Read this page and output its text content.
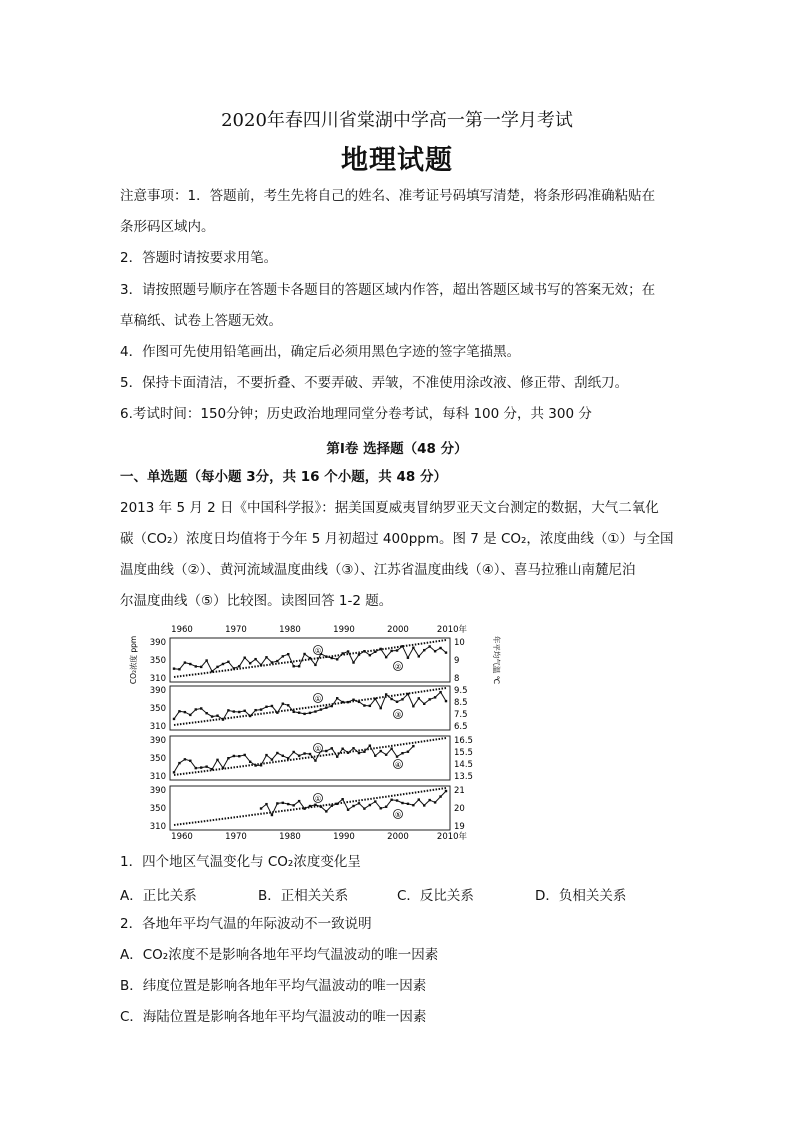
2020年春四川省棠湖中学高一第一学月考试
地理试题
注意事项：1．答题前，考生先将自己的姓名、准考证号码填写清楚，将条形码准确粘贴在
条形码区域内。
2．答题时请按要求用笔。
3．请按照题号顺序在答题卡各题目的答题区域内作答，超出答题区域书写的答案无效；在
草稿纸、试卷上答题无效。
4．作图可先使用铅笔画出，确定后必须用黑色字迹的签字笔描黑。
5．保持卡面清洁，不要折叠、不要弄破、弄皱，不准使用涂改液、修正带、刮纸刀。
6.考试时间：150分钟；历史政治地理同堂分卷考试，每科 100 分，共 300 分
第Ⅰ卷 选择题（48 分）
一、单选题（每小题 3分，共 16 个小题，共 48 分）
2013 年 5 月 2 日《中国科学报》：据美国夏威夷冒纳罗亚天文台测定的数据，大气二氧化
碳（CO₂）浓度日均值将于今年 5 月初超过 400ppm。图 7 是 CO₂，浓度曲线（①）与全国
温度曲线（②）、黄河流域温度曲线（③）、江苏省温度曲线（④）、喜马拉雅山南麓尼泊
尔温度曲线（⑤）比较图。读图回答 1-2 题。
1960	1970	1980	1990	2000	2010年
1960	1970	1980	1990	2000	2010年
CO₂浓度 ppm	年平均气温 ℃
390
350
310
10
9
8
①
②
390
350
310
9.5
8.5
7.5
6.5
①
③
390
350
310
16.5
15.5
14.5
13.5
①
④
390
350
310
21
20
19
①
⑤
1．四个地区气温变化与 CO₂浓度变化呈
A．正比关系	B．正相关关系	C．反比关系	D．负相关关系
2．各地年平均气温的年际波动不一致说明
A．CO₂浓度不是影响各地年平均气温波动的唯一因素
B．纬度位置是影响各地年平均气温波动的唯一因素
C．海陆位置是影响各地年平均气温波动的唯一因素
